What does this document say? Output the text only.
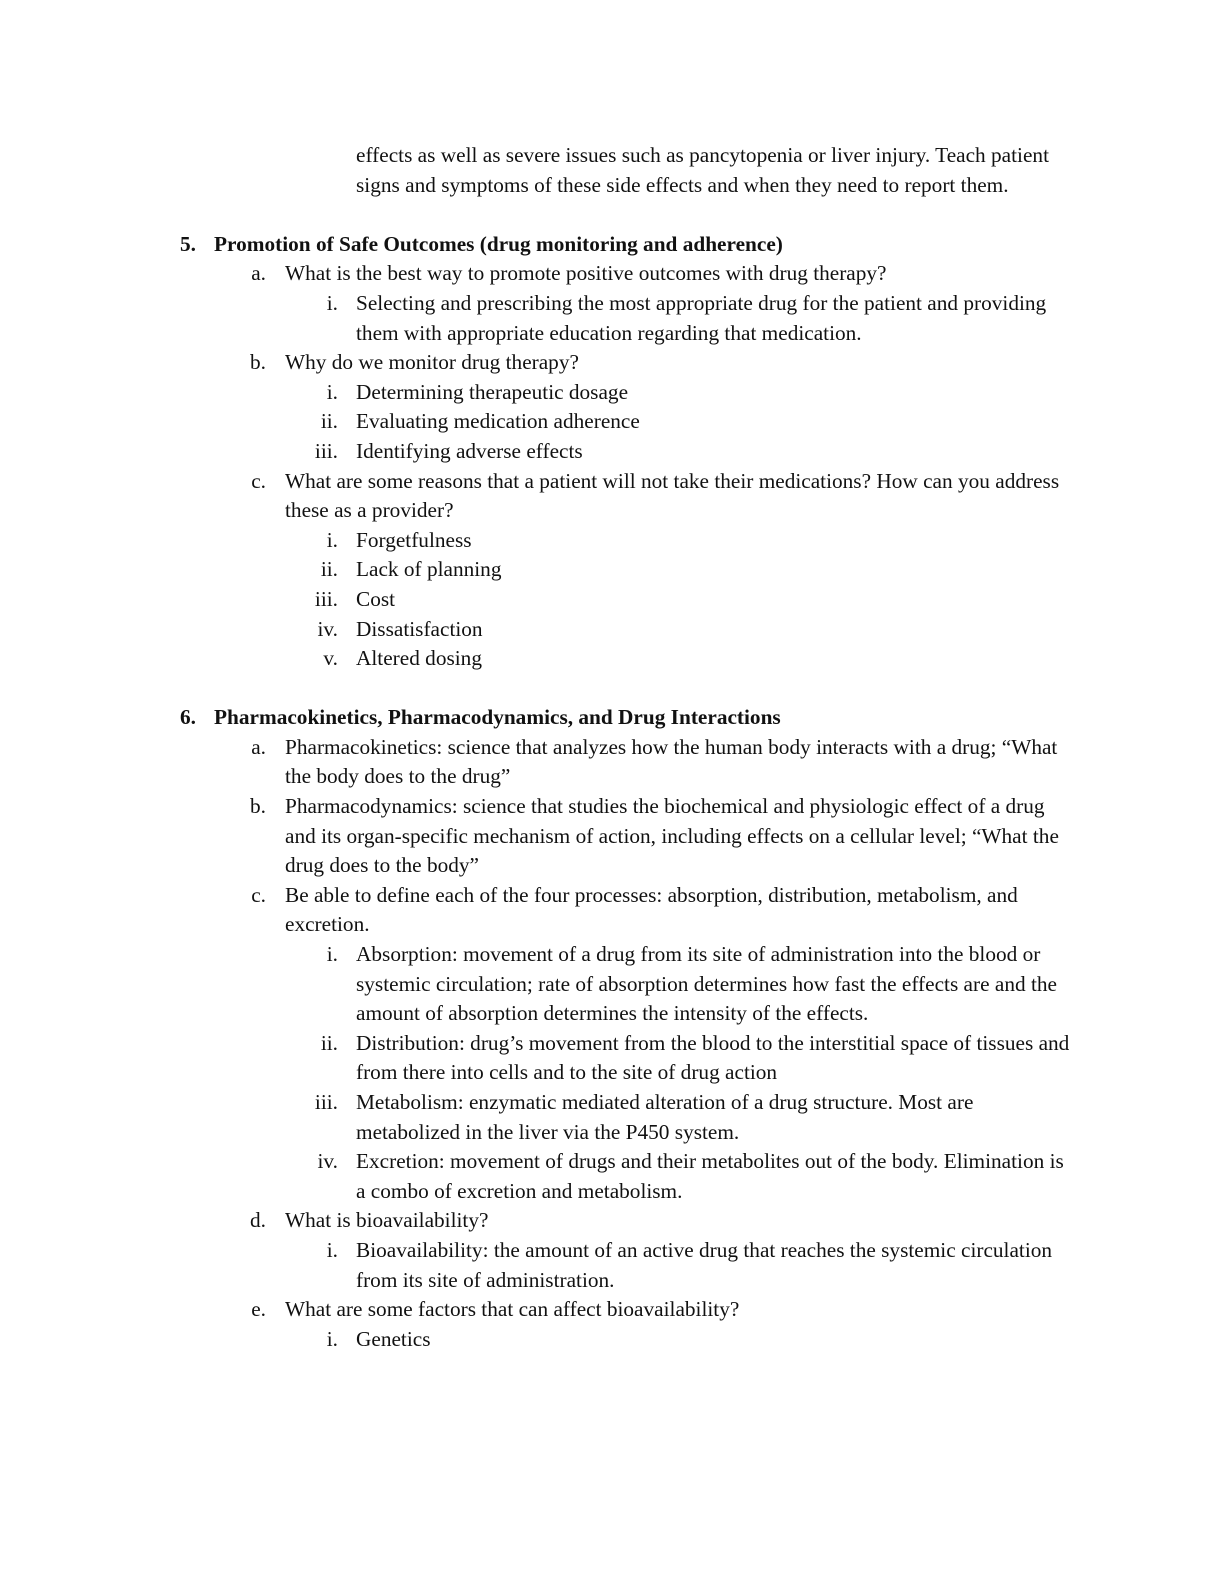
effects as well as severe issues such as pancytopenia or liver injury. Teach patient signs and symptoms of these side effects and when they need to report them.
5. Promotion of Safe Outcomes (drug monitoring and adherence)
a. What is the best way to promote positive outcomes with drug therapy?
i. Selecting and prescribing the most appropriate drug for the patient and providing them with appropriate education regarding that medication.
b. Why do we monitor drug therapy?
i. Determining therapeutic dosage
ii. Evaluating medication adherence
iii. Identifying adverse effects
c. What are some reasons that a patient will not take their medications? How can you address these as a provider?
i. Forgetfulness
ii. Lack of planning
iii. Cost
iv. Dissatisfaction
v. Altered dosing
6. Pharmacokinetics, Pharmacodynamics, and Drug Interactions
a. Pharmacokinetics: science that analyzes how the human body interacts with a drug; “What the body does to the drug”
b. Pharmacodynamics: science that studies the biochemical and physiologic effect of a drug and its organ-specific mechanism of action, including effects on a cellular level; “What the drug does to the body”
c. Be able to define each of the four processes: absorption, distribution, metabolism, and excretion.
i. Absorption: movement of a drug from its site of administration into the blood or systemic circulation; rate of absorption determines how fast the effects are and the amount of absorption determines the intensity of the effects.
ii. Distribution: drug’s movement from the blood to the interstitial space of tissues and from there into cells and to the site of drug action
iii. Metabolism: enzymatic mediated alteration of a drug structure. Most are metabolized in the liver via the P450 system.
iv. Excretion: movement of drugs and their metabolites out of the body. Elimination is a combo of excretion and metabolism.
d. What is bioavailability?
i. Bioavailability: the amount of an active drug that reaches the systemic circulation from its site of administration.
e. What are some factors that can affect bioavailability?
i. Genetics
